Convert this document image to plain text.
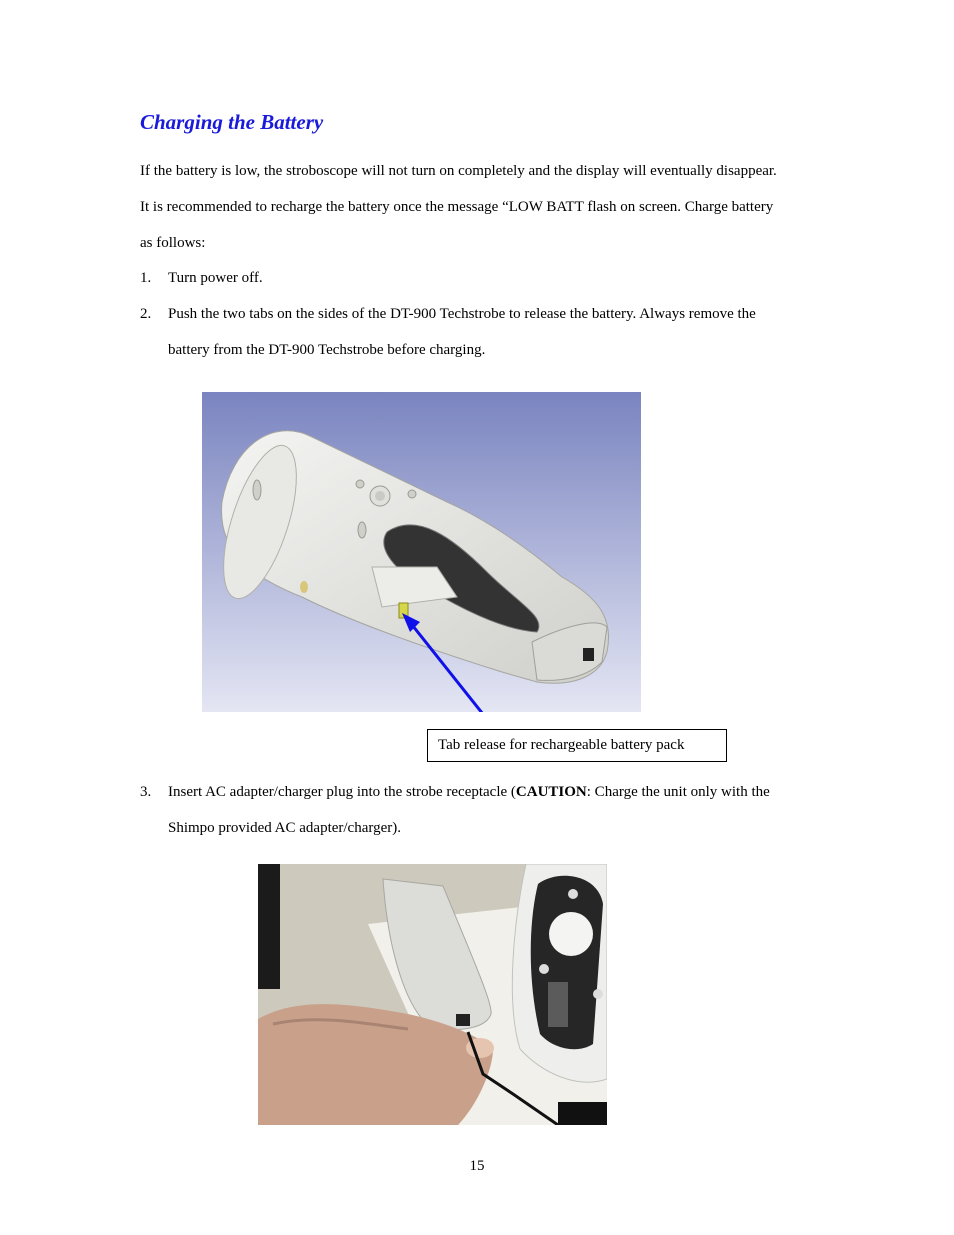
Charging the Battery
If the battery is low, the stroboscope will not turn on completely and the display will eventually disappear.
It is recommended to recharge the battery once the message “LOW BATT flash on screen. Charge battery
as follows:
1. Turn power off.
2. Push the two tabs on the sides of the DT-900 Techstrobe to release the battery. Always remove the
battery from the DT-900 Techstrobe before charging.
Tab release for rechargeable battery pack
3. Insert AC adapter/charger plug into the strobe receptacle (CAUTION: Charge the unit only with the
Shimpo provided AC adapter/charger).
15
